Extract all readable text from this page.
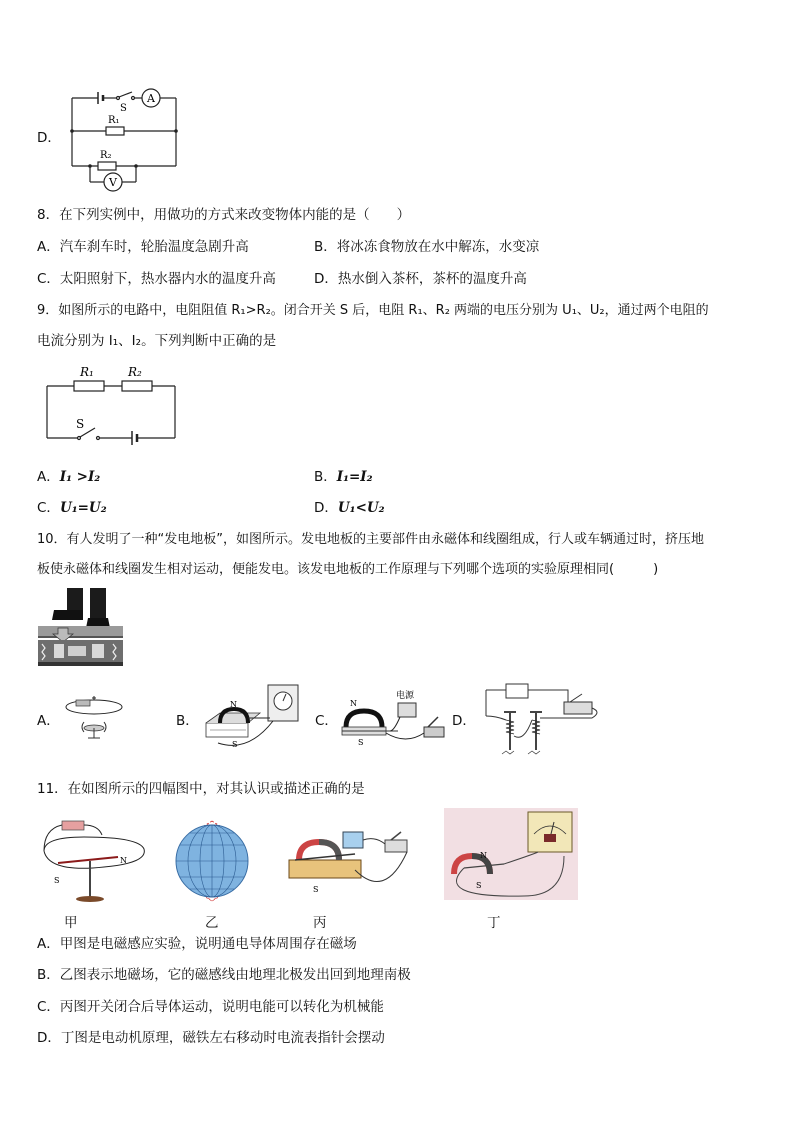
D．
S
A
R₁
R₂
V
8．在下列实例中，用做功的方式来改变物体内能的是（　　）
A．汽车刹车时，轮胎温度急剧升高	B．将冰冻食物放在水中解冻，水变凉
C．太阳照射下，热水器内水的温度升高	D．热水倒入茶杯，茶杯的温度升高
9．如图所示的电路中，电阻阻值 R₁>R₂。闭合开关 S 后，电阻 R₁、R₂ 两端的电压分别为 U₁、U₂，通过两个电阻的
电流分别为 I₁、I₂。下列判断中正确的是
R₁	R₂
S
A．I₁ >I₂	B．I₁=I₂
C．U₁=U₂	D．U₁<U₂
10．有人发明了一种“发电地板”，如图所示。发电地板的主要部件由永磁体和线圈组成，行人或车辆通过时，挤压地
板使永磁体和线圈发生相对运动，便能发电。该发电地板的工作原理与下列哪个选项的实验原理相同(　　　)
A．	B．	C．	D．
N
S
N
S
电源
11．在如图所示的四幅图中，对其认识或描述正确的是
S
N
甲	乙
S
丙
N
S
丁
A．甲图是电磁感应实验，说明通电导体周围存在磁场
B．乙图表示地磁场，它的磁感线由地理北极发出回到地理南极
C．丙图开关闭合后导体运动，说明电能可以转化为机械能
D．丁图是电动机原理，磁铁左右移动时电流表指针会摆动
